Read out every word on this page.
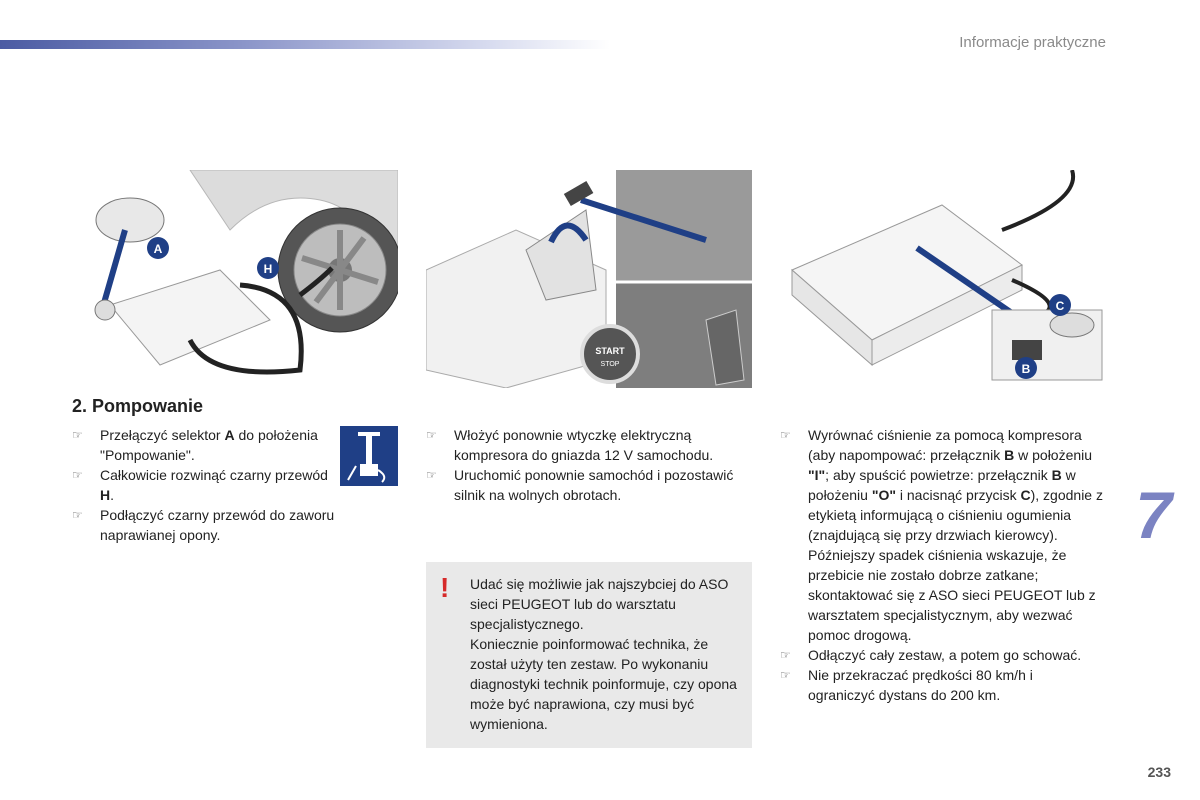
Informacje praktyczne
7
A
H
START
STOP
C
B
2. Pompowanie
☞ Przełączyć selektor A do położenia "Pompowanie".
☞ Całkowicie rozwinąć czarny przewód H.
☞ Podłączyć czarny przewód do zaworu naprawianej opony.
☞ Włożyć ponownie wtyczkę elektryczną kompresora do gniazda 12 V samochodu.
☞ Uruchomić ponownie samochód i pozostawić silnik na wolnych obrotach.
! Udać się możliwie jak najszybciej do ASO sieci PEUGEOT lub do warsztatu specjalistycznego.
Koniecznie poinformować technika, że został użyty ten zestaw. Po wykonaniu diagnostyki technik poinformuje, czy opona może być naprawiona, czy musi być wymieniona.
☞ Wyrównać ciśnienie za pomocą kompresora (aby napompować: przełącznik B w położeniu "I"; aby spuścić powietrze: przełącznik B w położeniu "O" i nacisnąć przycisk C), zgodnie z etykietą informującą o ciśnieniu ogumienia (znajdującą się przy drzwiach kierowcy).
Późniejszy spadek ciśnienia wskazuje, że przebicie nie zostało dobrze zatkane; skontaktować się z ASO sieci PEUGEOT lub z warsztatem specjalistycznym, aby wezwać pomoc drogową.
☞ Odłączyć cały zestaw, a potem go schować.
☞ Nie przekraczać prędkości 80 km/h i ograniczyć dystans do 200 km.
233
